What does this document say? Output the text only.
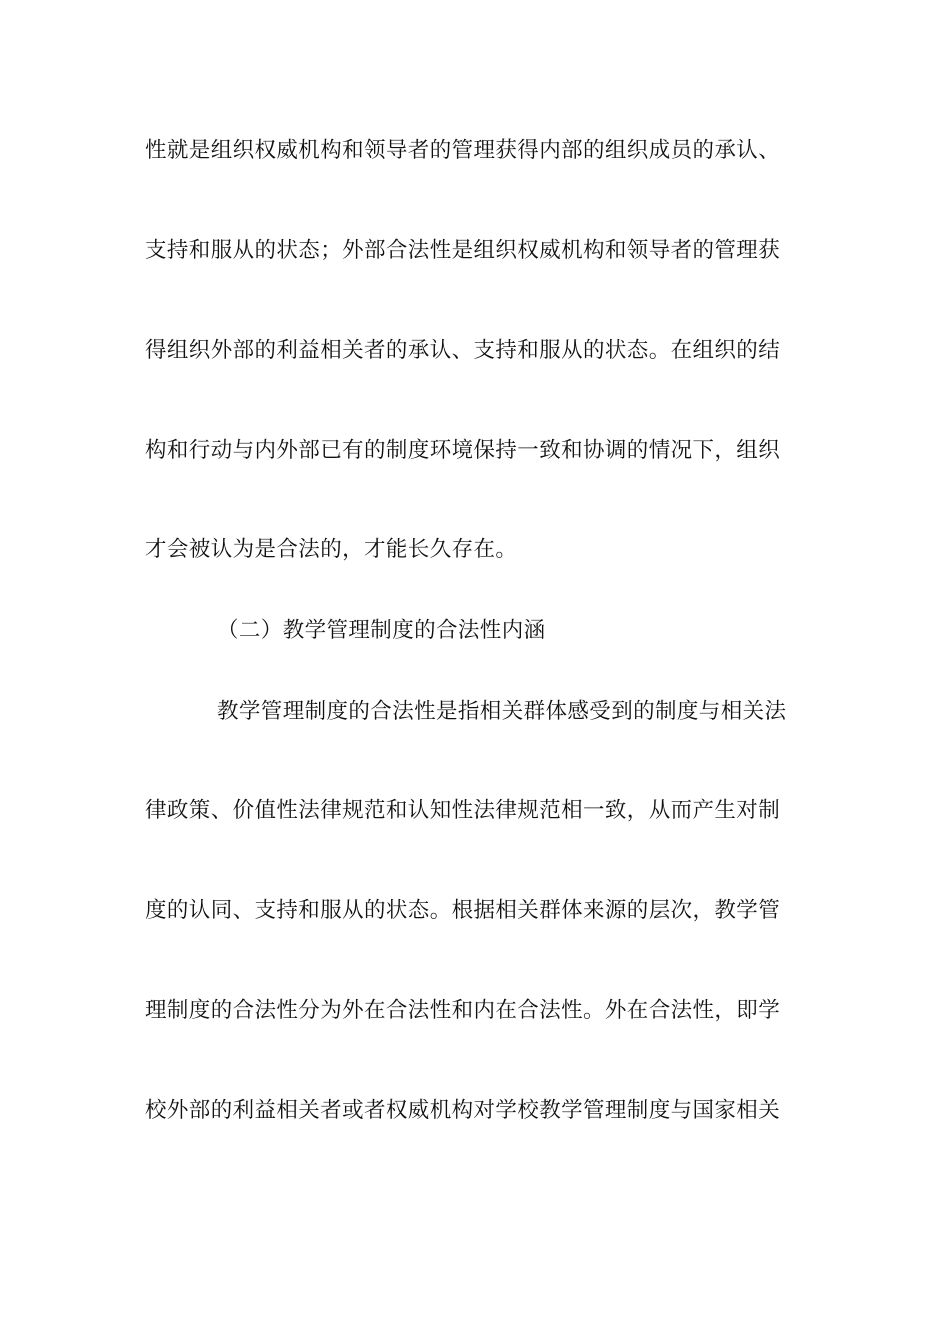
性就是组织权威机构和领导者的管理获得内部的组织成员的承认、
支持和服从的状态；外部合法性是组织权威机构和领导者的管理获
得组织外部的利益相关者的承认、支持和服从的状态。在组织的结
构和行动与内外部已有的制度环境保持一致和协调的情况下，组织
才会被认为是合法的，才能长久存在。
（二）教学管理制度的合法性内涵
教学管理制度的合法性是指相关群体感受到的制度与相关法
律政策、价值性法律规范和认知性法律规范相一致，从而产生对制
度的认同、支持和服从的状态。根据相关群体来源的层次，教学管
理制度的合法性分为外在合法性和内在合法性。外在合法性，即学
校外部的利益相关者或者权威机构对学校教学管理制度与国家相关
